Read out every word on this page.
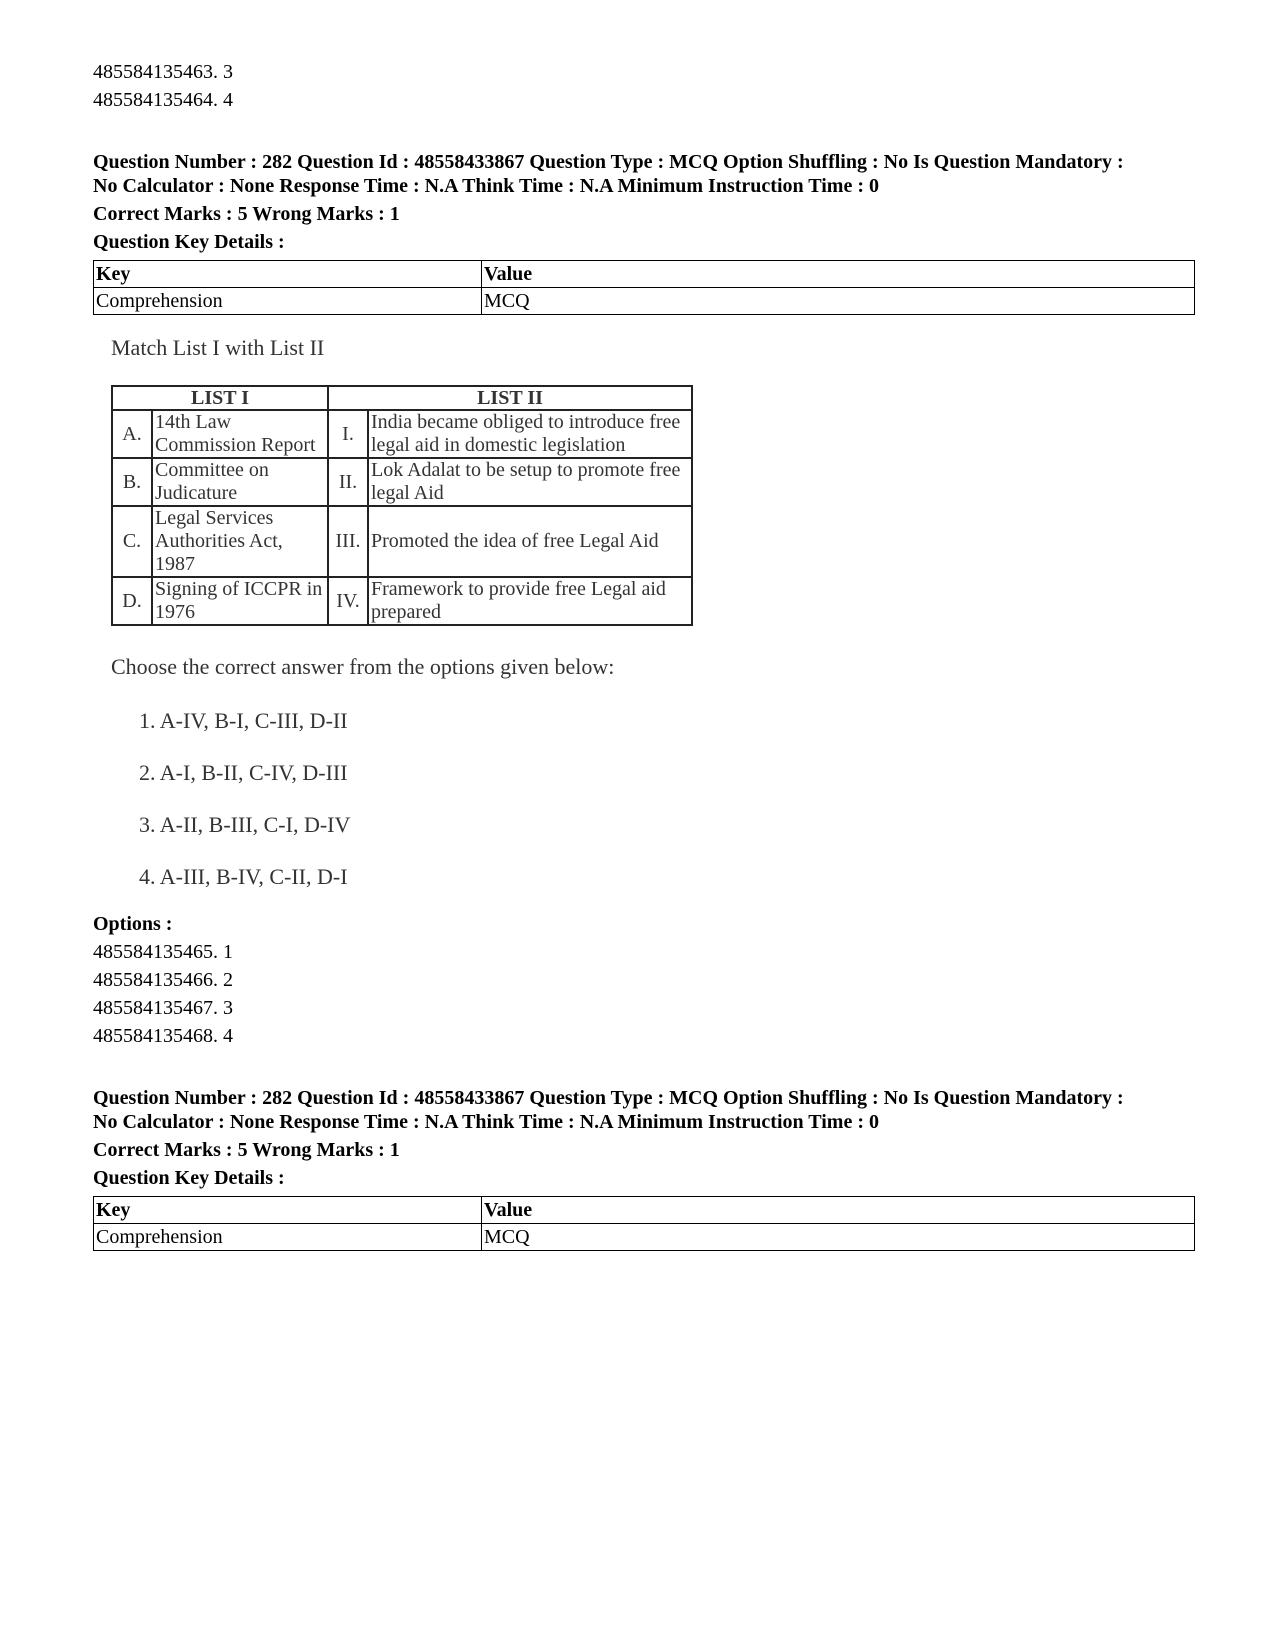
485584135463. 3
485584135464. 4
Question Number : 282 Question Id : 48558433867 Question Type : MCQ Option Shuffling : No Is Question Mandatory :
No Calculator : None Response Time : N.A Think Time : N.A Minimum Instruction Time : 0
Correct Marks : 5 Wrong Marks : 1
Question Key Details :
Key	Value
Comprehension	MCQ
Match List I with List II
LIST I		LIST II	
A.	14th Law Commission Report	I.	India became obliged to introduce free legal aid in domestic legislation
B.	Committee on Judicature	II.	Lok Adalat to be setup to promote free legal Aid
C.	Legal Services Authorities Act, 1987	III.	Promoted the idea of free Legal Aid
D.	Signing of ICCPR in 1976	IV.	Framework to provide free Legal aid prepared
Choose the correct answer from the options given below:
1. A-IV, B-I, C-III, D-II
2. A-I, B-II, C-IV, D-III
3. A-II, B-III, C-I, D-IV
4. A-III, B-IV, C-II, D-I
Options :
485584135465. 1
485584135466. 2
485584135467. 3
485584135468. 4
Question Number : 282 Question Id : 48558433867 Question Type : MCQ Option Shuffling : No Is Question Mandatory :
No Calculator : None Response Time : N.A Think Time : N.A Minimum Instruction Time : 0
Correct Marks : 5 Wrong Marks : 1
Question Key Details :
Key	Value
Comprehension	MCQ
